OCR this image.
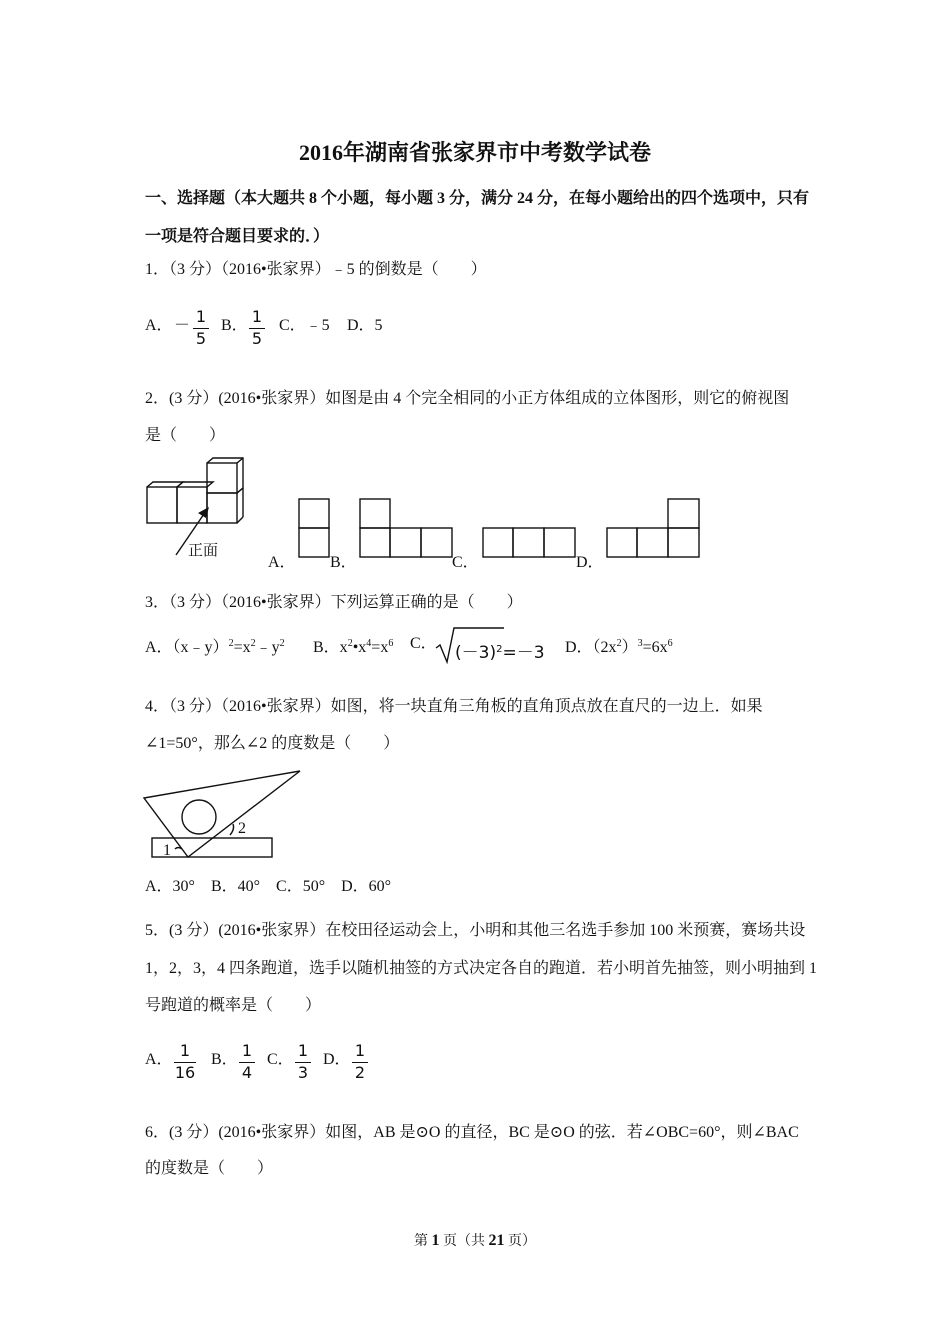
2016年湖南省张家界市中考数学试卷
一、选择题（本大题共 8 个小题，每小题 3 分，满分 24 分，在每小题给出的四个选项中，只有
一项是符合题目要求的．）
1．（3 分）（2016•张家界）﹣5 的倒数是（　　）
A． － 1
5
B． 1
5
C．﹣5 D．5
2．(3 分）(2016•张家界）如图是由 4 个完全相同的小正方体组成的立体图形，则它的俯视图
是（　　）
正面
A． B．	C．	D．
3．（3 分）（2016•张家界）下列运算正确的是（　　）
A．$(x﹣y)^2=x^2﹣y^2$ B．$x^2•x^4=x^6$ C． $(-3)^2=-3$ D．$(2x^2)^3=6x^6$
4．（3 分）（2016•张家界）如图，将一块直角三角板的直角顶点放在直尺的一边上．如果
∠1=50°，那么∠2 的度数是（　　）
2
1
A．30°　B．40°　C．50°　D．60°
5．(3 分）(2016•张家界）在校田径运动会上，小明和其他三名选手参加 100 米预赛，赛场共设
1，2，3，4 四条跑道，选手以随机抽签的方式决定各自的跑道．若小明首先抽签，则小明抽到 1
号跑道的概率是（　　）
A． 1
16
B． 1
4
C． 1
3
D． 1
2
6．(3 分）(2016•张家界）如图，AB 是⊙O 的直径，BC 是⊙O 的弦．若∠OBC=60°，则∠BAC
的度数是（　　）
第 1 页（共 21 页）
